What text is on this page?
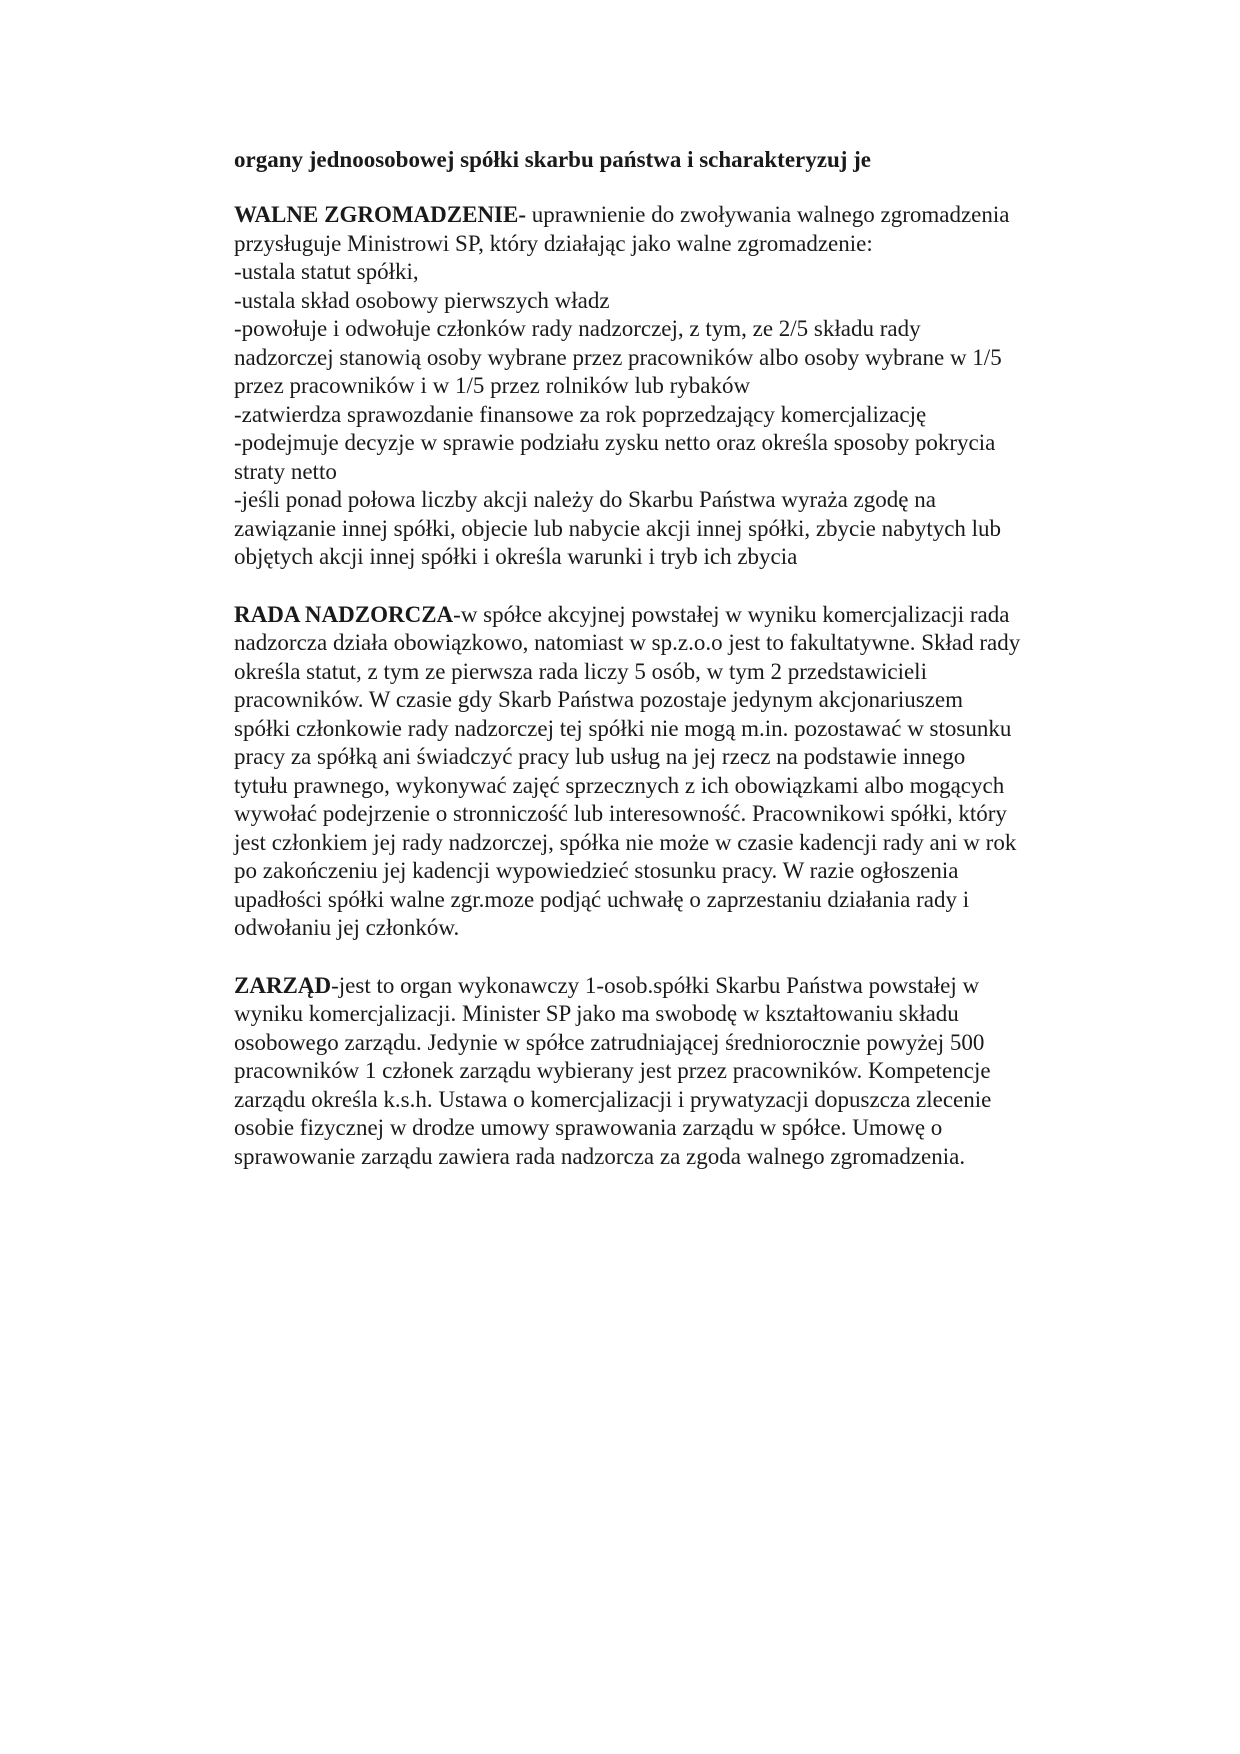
organy jednoosobowej spółki skarbu państwa i scharakteryzuj je

WALNE ZGROMADZENIE- uprawnienie do zwoływania walnego zgromadzenia przysługuje Ministrowi SP, który działając jako walne zgromadzenie:

-ustala statut spółki,

-ustala skład osobowy pierwszych władz

-powołuje i odwołuje członków rady nadzorczej, z tym, ze 2/5 składu rady nadzorczej stanowią osoby wybrane przez pracowników albo osoby wybrane w 1/5 przez pracowników i w 1/5 przez rolników lub rybaków

-zatwierdza sprawozdanie finansowe za rok poprzedzający komercjalizację

-podejmuje decyzje w sprawie podziału zysku netto oraz określa sposoby pokrycia straty netto

-jeśli ponad połowa liczby akcji należy do Skarbu Państwa wyraża zgodę na zawiązanie innej spółki, objecie lub nabycie akcji innej spółki, zbycie nabytych lub objętych akcji innej spółki i określa warunki i tryb ich zbycia

RADA NADZORCZA-w spółce akcyjnej powstałej w wyniku komercjalizacji rada nadzorcza działa obowiązkowo, natomiast w sp.z.o.o jest to fakultatywne. Skład rady określa statut, z tym ze pierwsza rada liczy 5 osób, w tym 2 przedstawicieli pracowników. W czasie gdy Skarb Państwa pozostaje jedynym akcjonariuszem spółki członkowie rady nadzorczej tej spółki nie mogą m.in. pozostawać w stosunku pracy za spółką ani świadczyć pracy lub usług na jej rzecz na podstawie innego tytułu prawnego, wykonywać zajęć sprzecznych z ich obowiązkami albo mogących wywołać podejrzenie o stronniczość lub interesowność. Pracownikowi spółki, który jest członkiem jej rady nadzorczej, spółka nie może w czasie kadencji rady ani w rok po zakończeniu jej kadencji wypowiedzieć stosunku pracy. W razie ogłoszenia upadłości spółki walne zgr.moze podjąć uchwałę o zaprzestaniu działania rady i odwołaniu jej członków.

ZARZĄD-jest to organ wykonawczy 1-osob.spółki Skarbu Państwa powstałej w wyniku komercjalizacji. Minister SP jako ma swobodę w kształtowaniu składu osobowego zarządu. Jedynie w spółce zatrudniającej średniorocznie powyżej 500 pracowników 1 członek zarządu wybierany jest przez pracowników. Kompetencje zarządu określa k.s.h. Ustawa o komercjalizacji i prywatyzacji dopuszcza zlecenie osobie fizycznej w drodze umowy sprawowania zarządu w spółce. Umowę o sprawowanie zarządu zawiera rada nadzorcza za zgoda walnego zgromadzenia.
